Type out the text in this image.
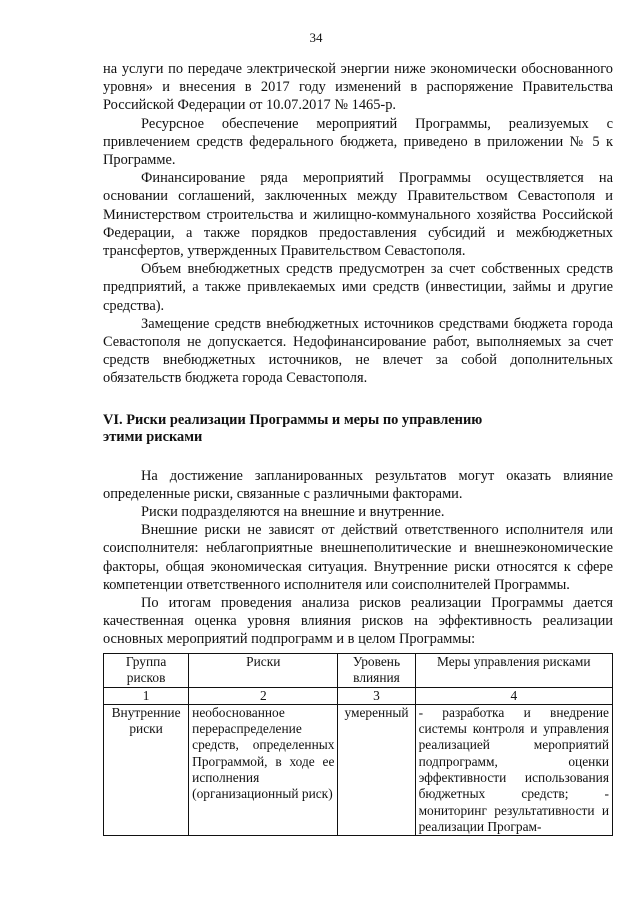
34

на услуги по передаче электрической энергии ниже экономически обоснованного уровня» и внесения в 2017 году изменений в распоряжение Правительства Российской Федерации от 10.07.2017 № 1465-р.

Ресурсное обеспечение мероприятий Программы, реализуемых с привлечением средств федерального бюджета, приведено в приложении № 5 к Программе.

Финансирование ряда мероприятий Программы осуществляется на основании соглашений, заключенных между Правительством Севастополя и Министерством строительства и жилищно-коммунального хозяйства Российской Федерации, а также порядков предоставления субсидий и межбюджетных трансфертов, утвержденных Правительством Севастополя.

Объем внебюджетных средств предусмотрен за счет собственных средств предприятий, а также привлекаемых ими средств (инвестиции, займы и другие средства).

Замещение средств внебюджетных источников средствами бюджета города Севастополя не допускается. Недофинансирование работ, выполняемых за счет средств внебюджетных источников, не влечет за собой дополнительных обязательств бюджета города Севастополя.

VI. Риски реализации Программы и меры по управлению

этими рисками

На достижение запланированных результатов могут оказать влияние определенные риски, связанные с различными факторами.

Риски подразделяются на внешние и внутренние.

Внешние риски не зависят от действий ответственного исполнителя или соисполнителя: неблагоприятные внешнеполитические и внешнеэкономические факторы, общая экономическая ситуация. Внутренние риски относятся к сфере компетенции ответственного исполнителя или соисполнителей Программы.

По итогам проведения анализа рисков реализации Программы дается качественная оценка уровня влияния рисков на эффективность реализации основных мероприятий подпрограмм и в целом Программы:

Группа рисков	Риски	Уровень влияния	Меры управления рисками
1	2	3	4
Внутренние риски	необоснованное перераспределение средств, определенных Программой, в ходе ее исполнения (организационный риск)	умеренный	- разработка и внедрение системы контроля и управления реализацией мероприятий подпрограмм, оценки эффективности использования бюджетных средств; - мониторинг результативности и реализации Програм-
